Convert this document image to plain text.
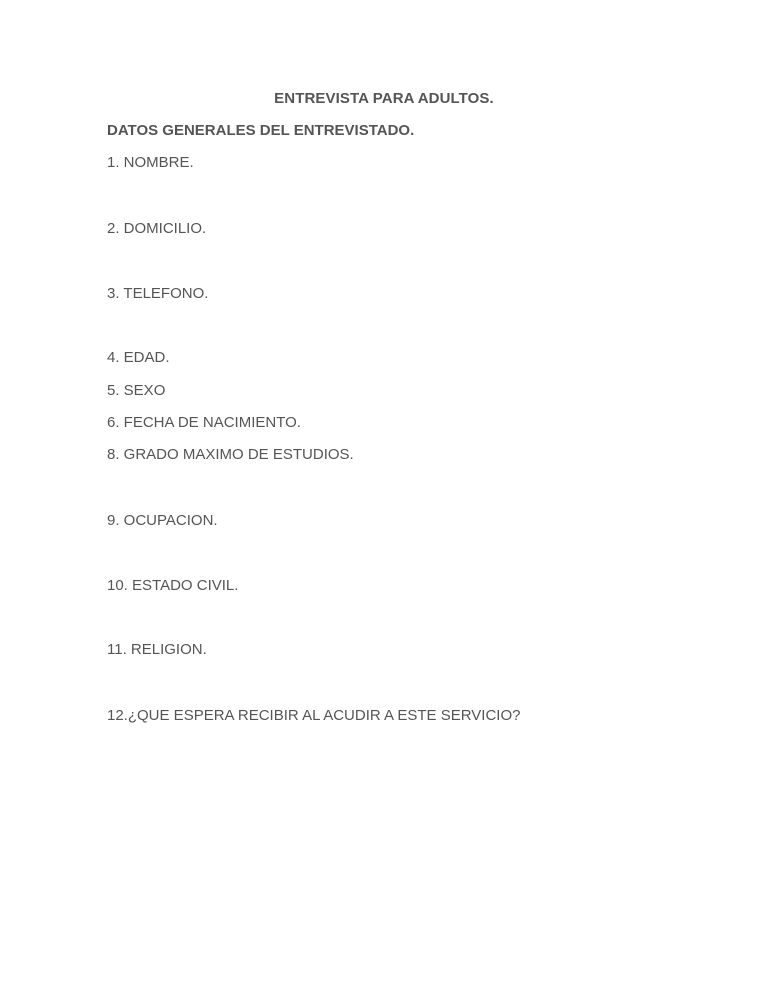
ENTREVISTA PARA ADULTOS.
DATOS GENERALES DEL ENTREVISTADO.
1. NOMBRE.
2. DOMICILIO.
3. TELEFONO.
4. EDAD.
5. SEXO
6. FECHA DE NACIMIENTO.
8. GRADO MAXIMO DE ESTUDIOS.
9. OCUPACION.
10. ESTADO CIVIL.
11. RELIGION.
12.¿QUE ESPERA RECIBIR AL ACUDIR A ESTE SERVICIO?
